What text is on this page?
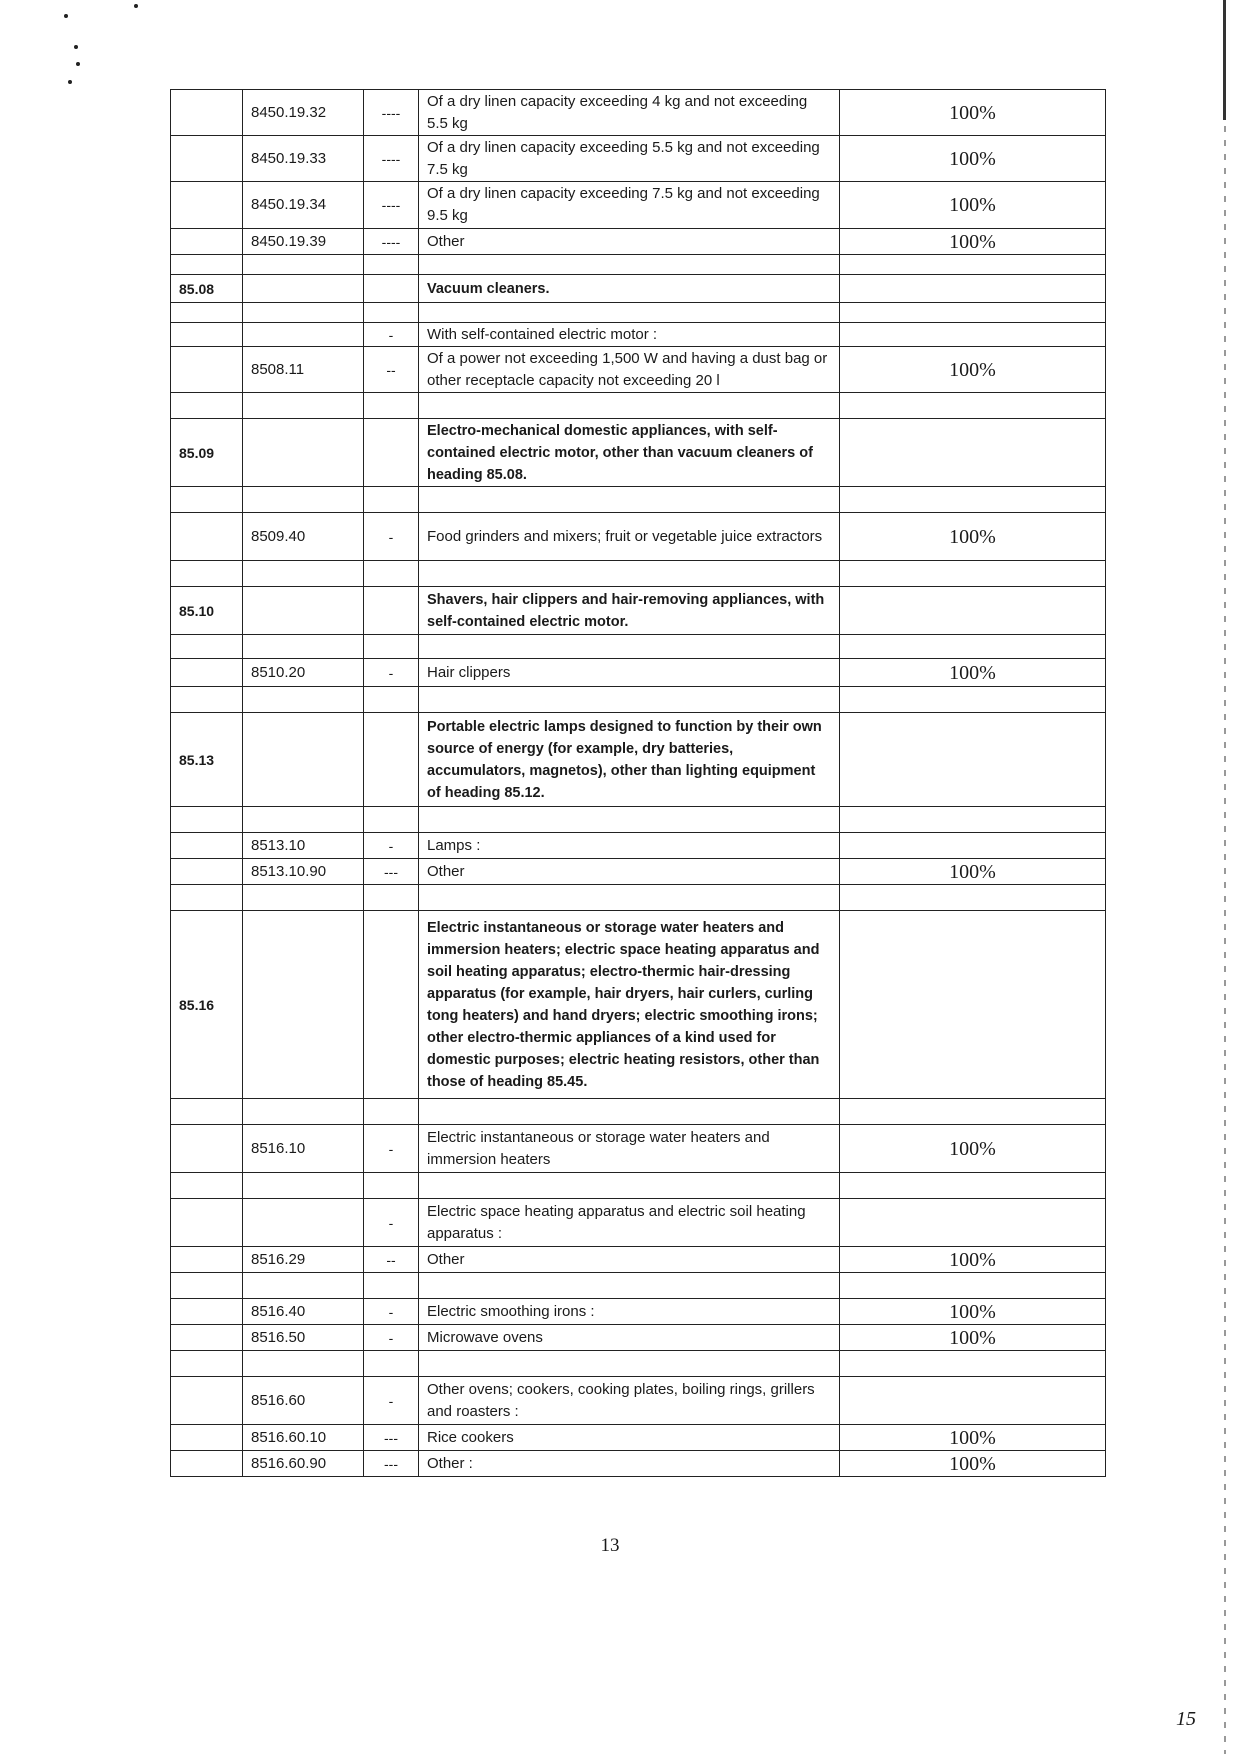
	8450.19.32	----	Of a dry linen capacity exceeding 4 kg and not exceeding 5.5 kg	100%
	8450.19.33	----	Of a dry linen capacity exceeding 5.5 kg and not exceeding 7.5 kg	100%
	8450.19.34	----	Of a dry linen capacity exceeding 7.5 kg and not exceeding 9.5 kg	100%
	8450.19.39	----	Other	100%

85.08			Vacuum cleaners.	

		-	With self-contained electric motor :	
	8508.11	--	Of a power not exceeding 1,500 W and having a dust bag or other receptacle capacity not exceeding 20 l	100%

85.09			Electro-mechanical domestic appliances, with self-contained electric motor, other than vacuum cleaners of heading 85.08.	

	8509.40	-	Food grinders and mixers; fruit or vegetable juice extractors	100%

85.10			Shavers, hair clippers and hair-removing appliances, with self-contained electric motor.	

	8510.20	-	Hair clippers	100%

85.13			Portable electric lamps designed to function by their own source of energy (for example, dry batteries, accumulators, magnetos), other than lighting equipment of heading 85.12.	

	8513.10	-	Lamps :	
	8513.10.90	---	Other	100%

85.16			Electric instantaneous or storage water heaters and immersion heaters; electric space heating apparatus and soil heating apparatus; electro-thermic hair-dressing apparatus (for example, hair dryers, hair curlers, curling tong heaters) and hand dryers; electric smoothing irons; other electro-thermic appliances of a kind used for domestic purposes; electric heating resistors, other than those of heading 85.45.	

	8516.10	-	Electric instantaneous or storage water heaters and immersion heaters	100%

		-	Electric space heating apparatus and electric soil heating apparatus :	
	8516.29	--	Other	100%

	8516.40	-	Electric smoothing irons :	100%
	8516.50	-	Microwave ovens	100%

	8516.60	-	Other ovens; cookers, cooking plates, boiling rings, grillers and roasters :	
	8516.60.10	---	Rice cookers	100%
	8516.60.90	---	Other :	100%
13
15
